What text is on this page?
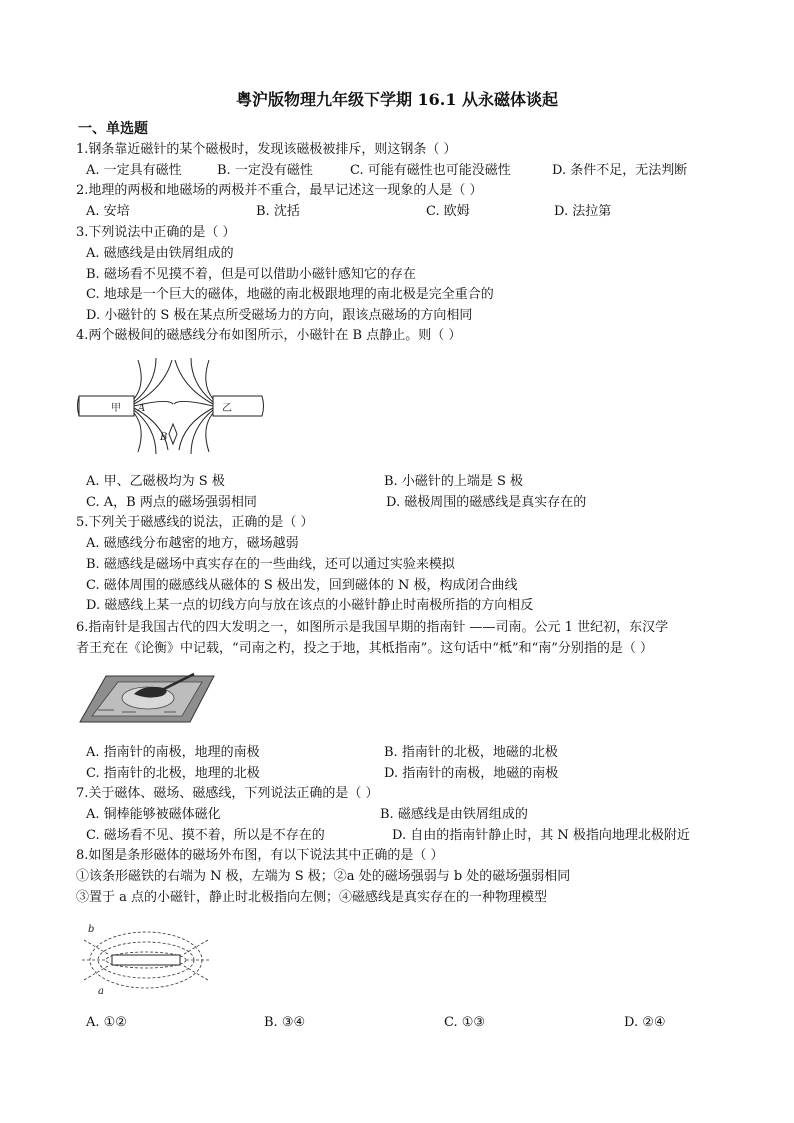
粤沪版物理九年级下学期 16.1 从永磁体谈起
一、单选题
1.钢条靠近磁针的某个磁极时，发现该磁极被排斥，则这钢条（ ）
A. 一定具有磁性	B. 一定没有磁性	C. 可能有磁性也可能没磁性	D. 条件不足，无法判断
2.地理的两极和地磁场的两极并不重合，最早记述这一现象的人是（ ）
A. 安培	B. 沈括	C. 欧姆	D. 法拉第
3.下列说法中正确的是（ ）
A. 磁感线是由铁屑组成的
B. 磁场看不见摸不着，但是可以借助小磁针感知它的存在
C. 地球是一个巨大的磁体，地磁的南北极跟地理的南北极是完全重合的
D. 小磁针的 S 极在某点所受磁场力的方向，跟该点磁场的方向相同
4.两个磁极间的磁感线分布如图所示，小磁针在 B 点静止。则（ ）
甲 A	乙
B
A. 甲、乙磁极均为 S 极	B. 小磁针的上端是 S 极
C. A，B 两点的磁场强弱相同	D. 磁极周围的磁感线是真实存在的
5.下列关于磁感线的说法，正确的是（ ）
A. 磁感线分布越密的地方，磁场越弱
B. 磁感线是磁场中真实存在的一些曲线，还可以通过实验来模拟
C. 磁体周围的磁感线从磁体的 S 极出发，回到磁体的 N 极，构成闭合曲线
D. 磁感线上某一点的切线方向与放在该点的小磁针静止时南极所指的方向相反
6.指南针是我国古代的四大发明之一，如图所示是我国早期的指南针 ——司南。公元 1 世纪初，东汉学
者王充在《论衡》中记载，“司南之杓，投之于地，其柢指南”。这句话中“柢”和“南”分别指的是（ ）
A. 指南针的南极，地理的南极	B. 指南针的北极，地磁的北极
C. 指南针的北极，地理的北极	D. 指南针的南极，地磁的南极
7.关于磁体、磁场、磁感线，下列说法正确的是（ ）
A. 铜棒能够被磁体磁化	B. 磁感线是由铁屑组成的
C. 磁场看不见、摸不着，所以是不存在的	D. 自由的指南针静止时，其 N 极指向地理北极附近
8.如图是条形磁体的磁场外布图，有以下说法其中正确的是（ ）
①该条形磁铁的右端为 N 极，左端为 S 极；②a 处的磁场强弱与 b 处的磁场强弱相同
③置于 a 点的小磁针，静止时北极指向左侧；④磁感线是真实存在的一种物理模型
a
b
A. ①②	B. ③④	C. ①③	D. ②④
